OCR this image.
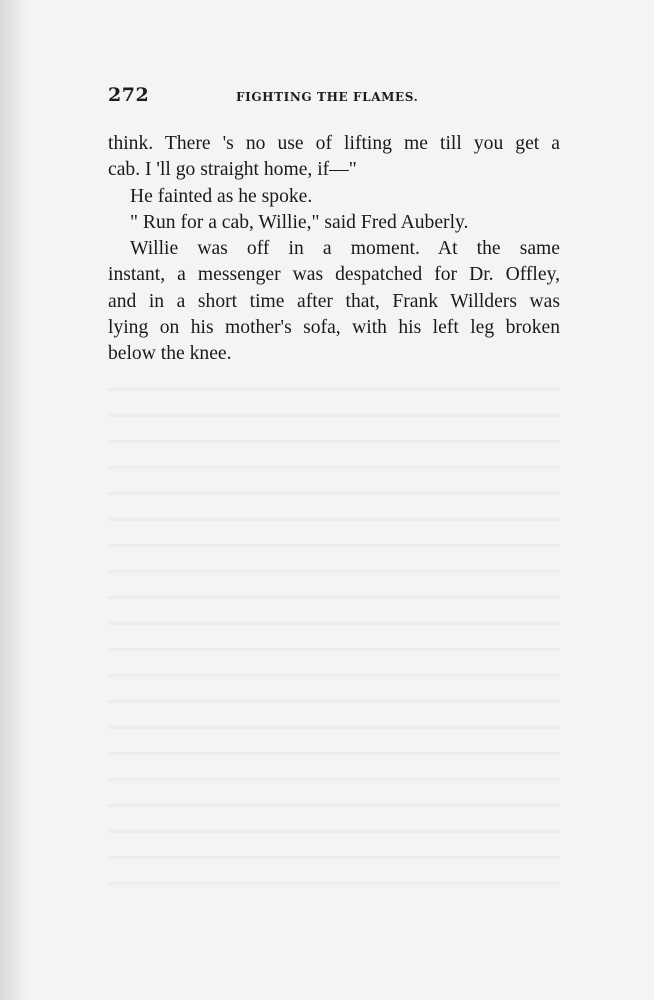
272	FIGHTING THE FLAMES.
think. There 's no use of lifting me till you get a
cab. I 'll go straight home, if—"
He fainted as he spoke.
" Run for a cab, Willie," said Fred Auberly.
Willie was off in a moment. At the same
instant, a messenger was despatched for Dr. Offley,
and in a short time after that, Frank Willders was
lying on his mother's sofa, with his left leg broken
below the knee.
